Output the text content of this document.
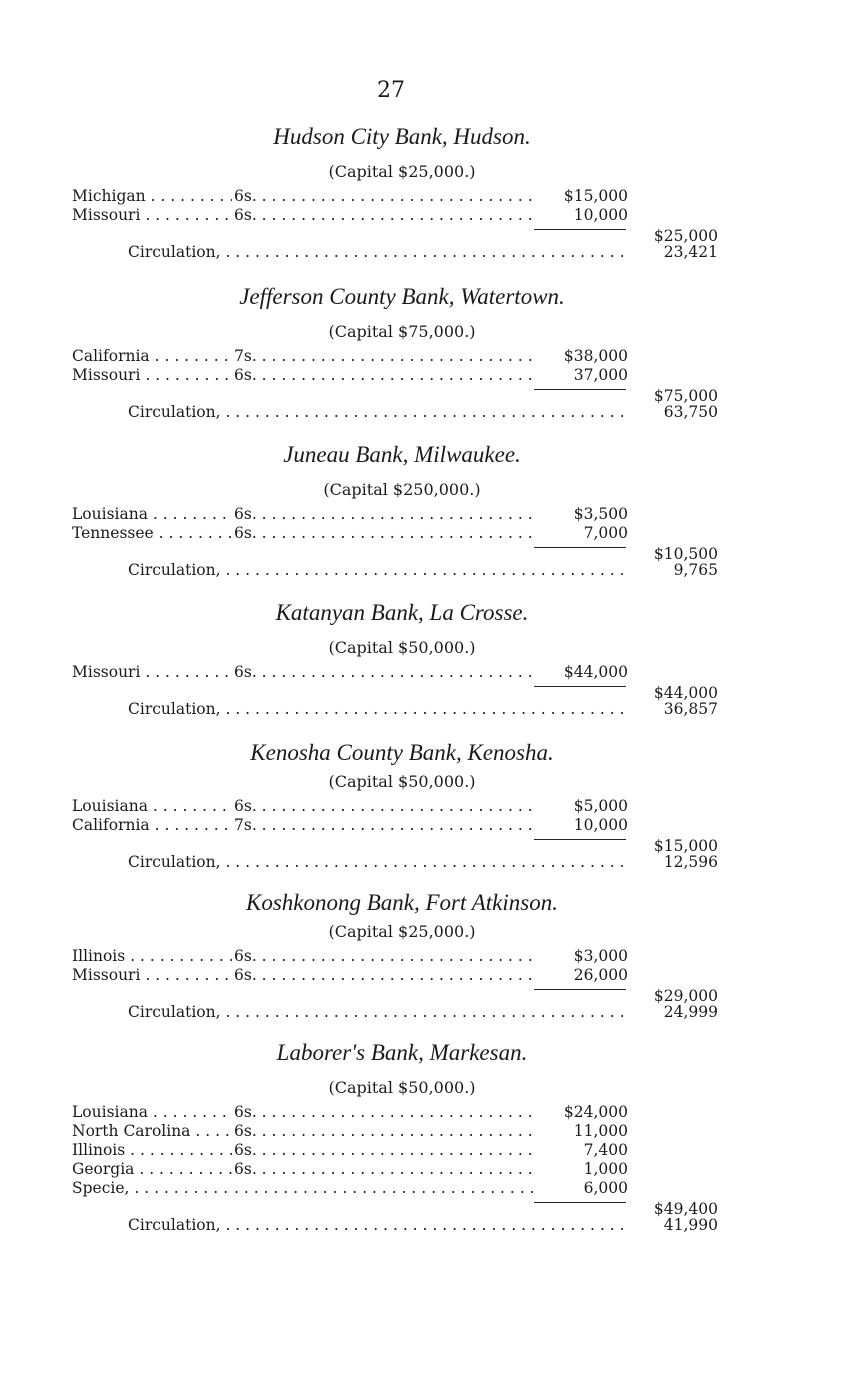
27
Hudson City Bank, Hudson.
(Capital $25,000.)
Michigan . . .	6s . . .	$15,000
Missouri . . .	6s . . .	10,000
$25,000
Circulation, . . .	23,421
Jefferson County Bank, Watertown.
(Capital $75,000.)
California . . .	7s . . .	$38,000
Missouri . . .	6s . . .	37,000
$75,000
Circulation, . . .	63,750
Juneau Bank, Milwaukee.
(Capital $250,000.)
Louisiana . . .	6s . . .	$3,500
Tennessee . . .	6s . . .	7,000
$10,500
Circulation, . . .	9,765
Katanyan Bank, La Crosse.
(Capital $50,000.)
Missouri . . .	6s . . .	$44,000
$44,000
Circulation, . . .	36,857
Kenosha County Bank, Kenosha.
(Capital $50,000.)
Louisiana . . .	6s . . .	$5,000
California . . .	7s . . .	10,000
$15,000
Circulation, . . .	12,596
Koshkonong Bank, Fort Atkinson.
(Capital $25,000.)
Illinois . . .	6s . . .	$3,000
Missouri . . .	6s . . .	26,000
$29,000
Circulation, . . .	24,999
Laborer's Bank, Markesan.
(Capital $50,000.)
Louisiana . . .	6s . . .	$24,000
North Carolina . . .	6s . . .	11,000
Illinois . . .	6s . . .	7,400
Georgia . . .	6s . . .	1,000
Specie, . . . . . .	6,000
$49,400
Circulation, . . .	41,990
